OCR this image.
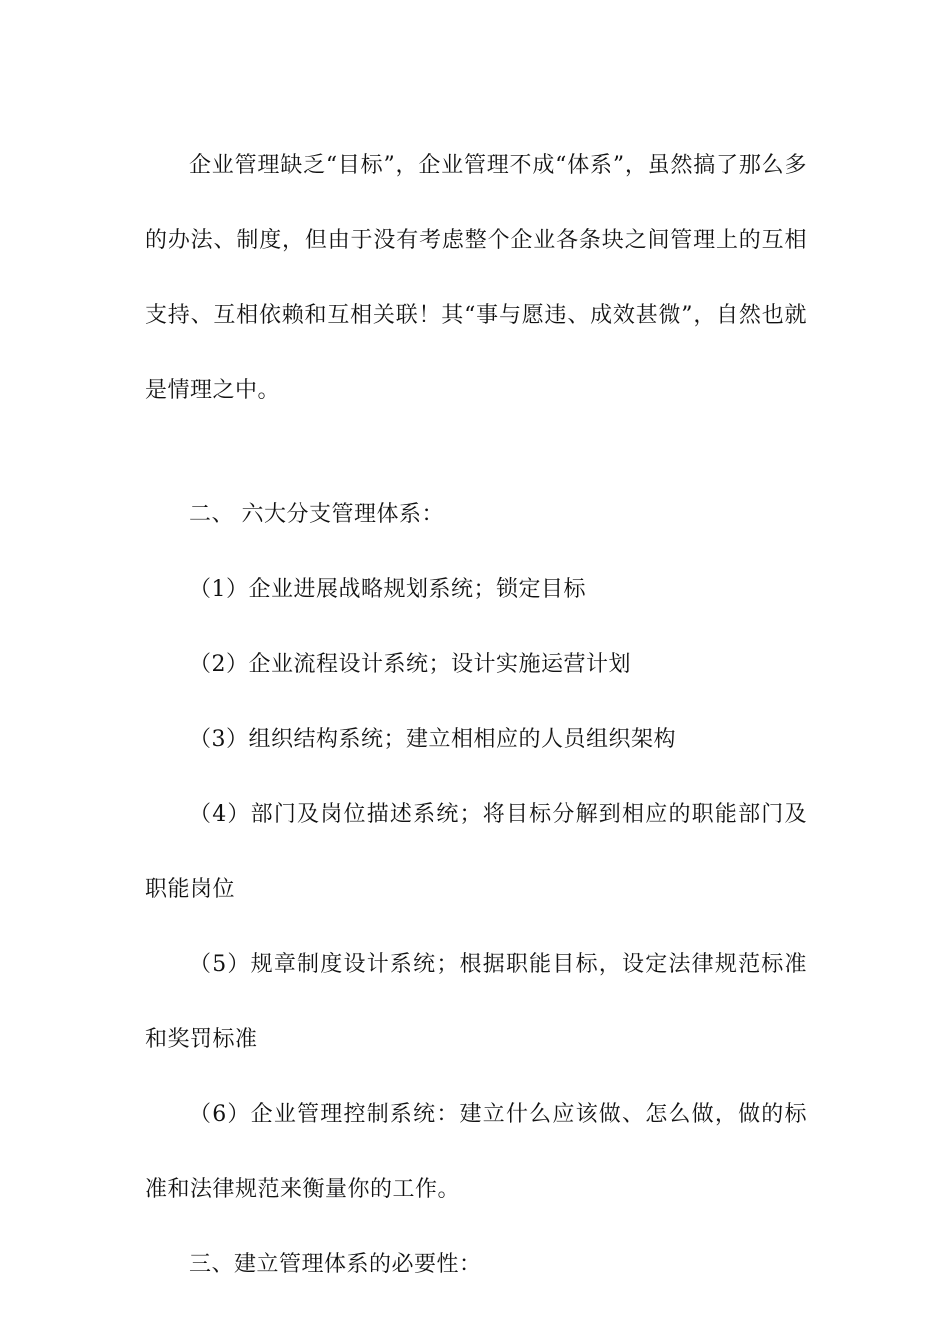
企业管理缺乏“目标”，企业管理不成“体系”，虽然搞了那么多的办法、制度，但由于没有考虑整个企业各条块之间管理上的互相支持、互相依赖和互相关联！其“事与愿违、成效甚微”，自然也就是情理之中。

二、 六大分支管理体系：

（1）企业进展战略规划系统；锁定目标

（2）企业流程设计系统；设计实施运营计划

（3）组织结构系统；建立相相应的人员组织架构

（4）部门及岗位描述系统；将目标分解到相应的职能部门及职能岗位

（5）规章制度设计系统；根据职能目标，设定法律规范标准和奖罚标准

（6）企业管理控制系统：建立什么应该做、怎么做，做的标准和法律规范来衡量你的工作。

三、建立管理体系的必要性：
